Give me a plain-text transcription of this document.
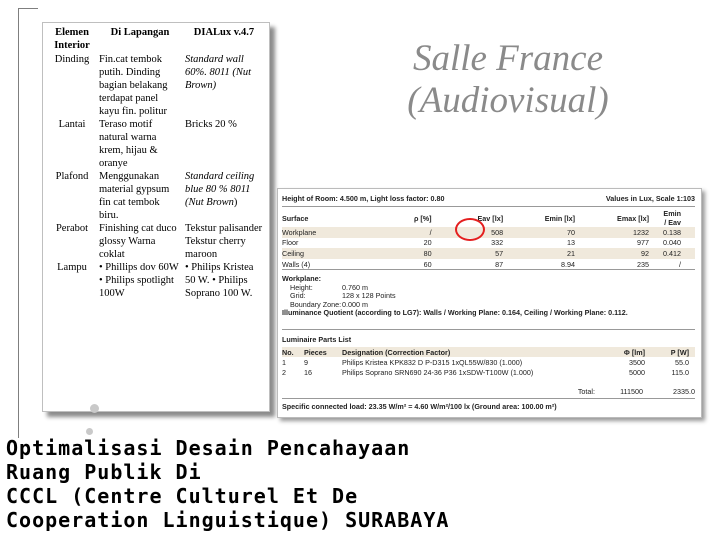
Elemen Interior	Di Lapangan	DIALux v.4.7
Dinding	Fin.cat tembok putih. Dinding bagian belakang terdapat panel kayu fin. politur	Standard wall 60%. 8011 (Nut Brown)
Lantai	Teraso motif natural warna krem, hijau & oranye	Bricks 20 %
Plafond	Menggunakan material gypsum fin cat tembok biru.	Standard ceiling blue 80 % 8011 (Nut Brown)
Perabot	Finishing cat duco glossy Warna coklat	Tekstur palisander Tekstur cherry maroon
Lampu	• Phillips dov 60W • Philips spotlight 100W	• Philips Kristea 50 W. • Philips Soprano 100 W.
Salle France
(Audiovisual)
Height of Room: 4.500 m, Light loss factor: 0.80	Values in Lux, Scale 1:103
Surface	ρ [%]	Eav [lx]	Emin [lx]	Emax [lx]	Emin / Eav
Workplane	/	508	70	1232	0.138
Floor	20	332	13	977	0.040
Ceiling	80	57	21	92	0.412
Walls (4)	60	87	8.94	235	/
Workplane:
Height:	0.760 m
Grid:	128 x 128 Points
Boundary Zone: 0.000 m
Illuminance Quotient (according to LG7): Walls / Working Plane: 0.164, Ceiling / Working Plane: 0.112.
Luminaire Parts List
No.	Pieces	Designation (Correction Factor)	Φ [lm]	P [W]
1	9	Philips Kristea KPK832 D P-D315 1xQL55W/830 (1.000)	3500	55.0
2	16	Philips Soprano SRN690 24-36 P36 1xSDW-T100W (1.000)	5000	115.0
Total:	111500	2335.0
Specific connected load: 23.35 W/m² = 4.60 W/m²/100 lx (Ground area: 100.00 m²)
Optimalisasi Desain Pencahayaan
Ruang Publik Di
CCCL (Centre Culturel Et De
Cooperation Linguistique) SURABAYA
